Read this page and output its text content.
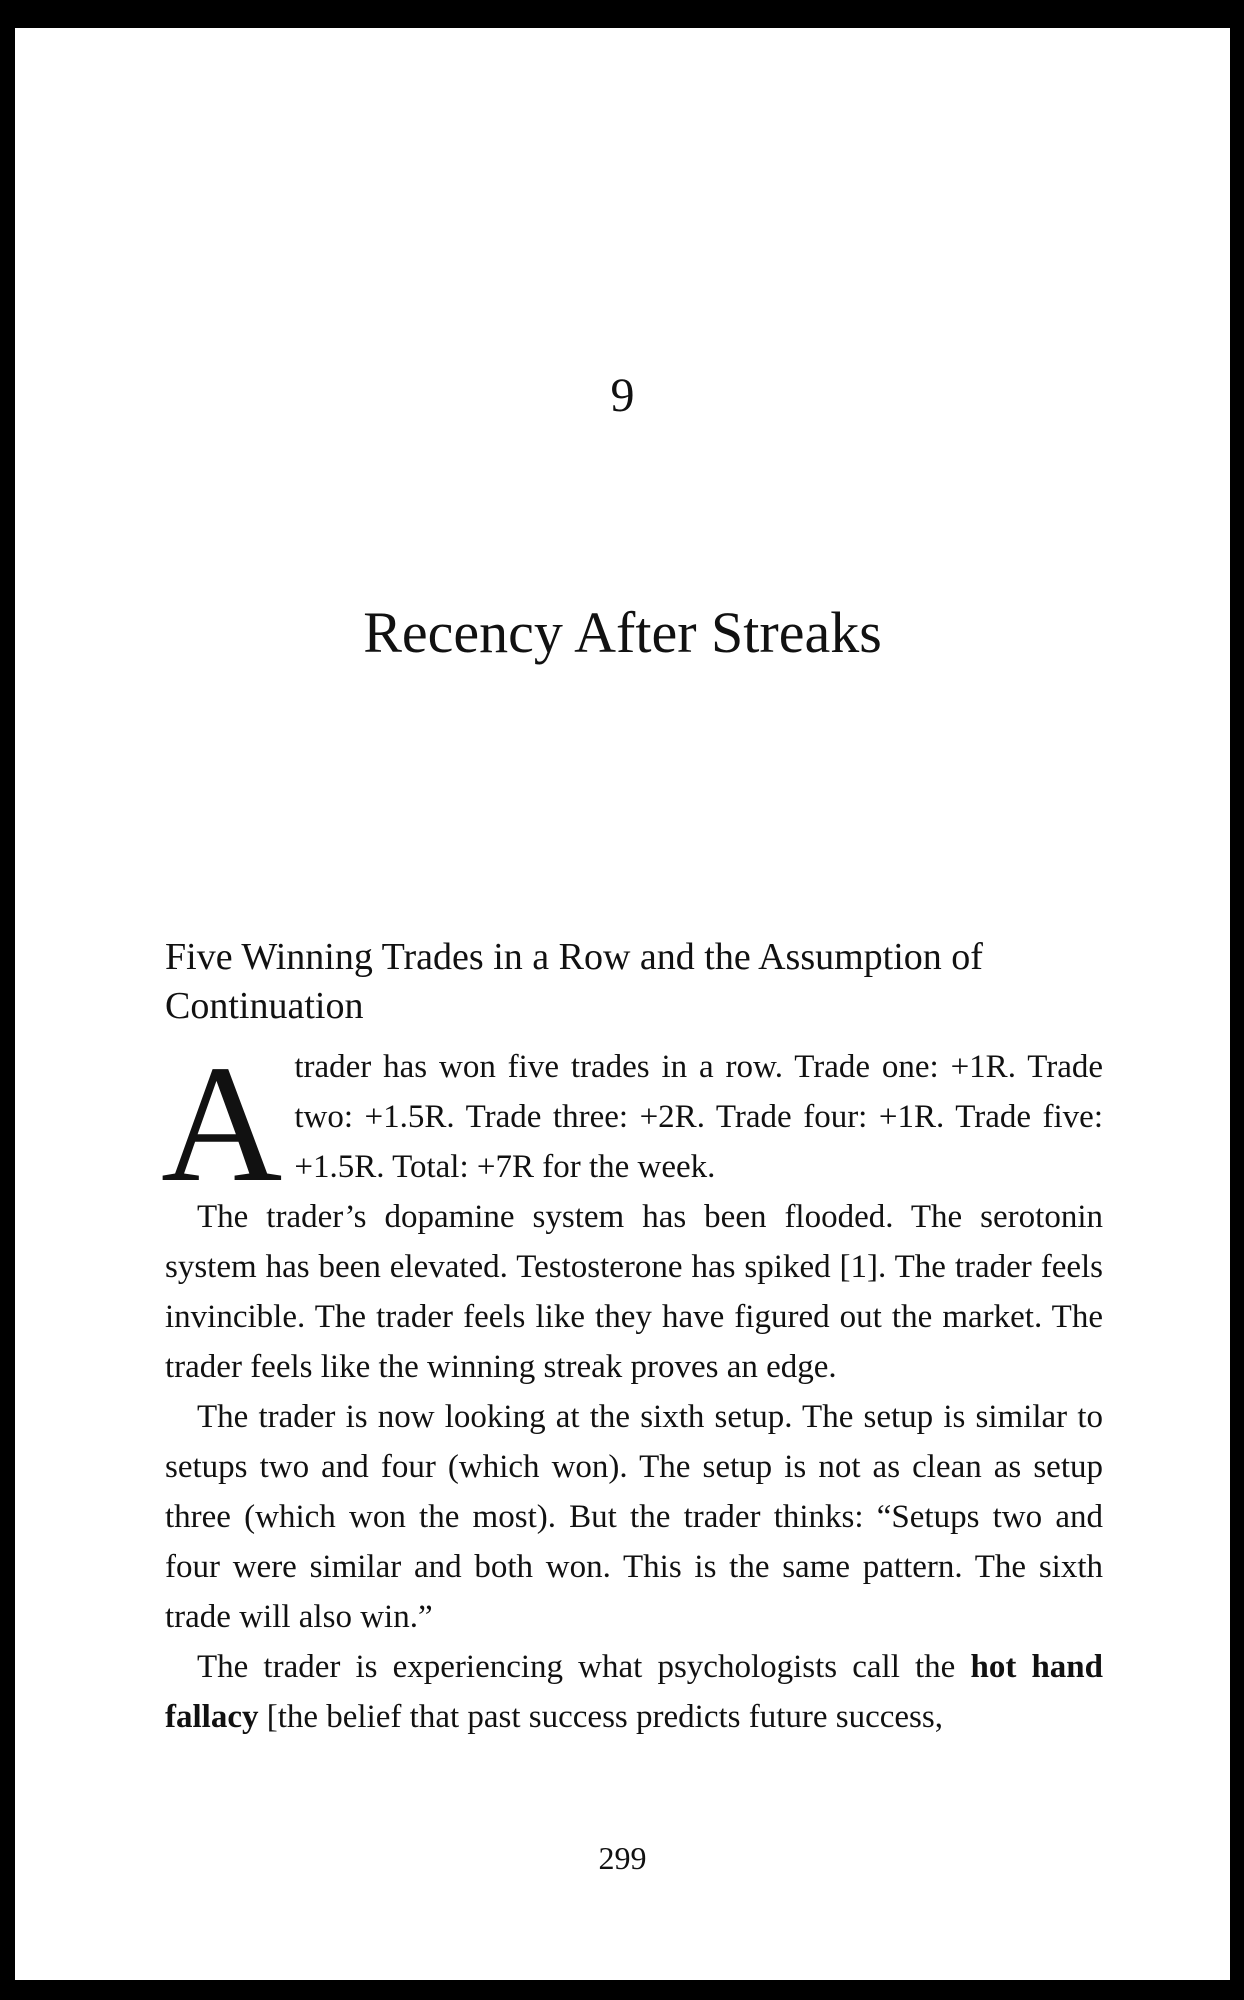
9
Recency After Streaks
Five Winning Trades in a Row and the Assumption of Continuation

Atrader has won five trades in a row. Trade one: +1R. Trade two: +1.5R. Trade three: +2R. Trade four: +1R. Trade five: +1.5R. Total: +7R for the week.

The trader’s dopamine system has been flooded. The serotonin system has been elevated. Testosterone has spiked [1]. The trader feels invincible. The trader feels like they have figured out the market. The trader feels like the winning streak proves an edge.

The trader is now looking at the sixth setup. The setup is similar to setups two and four (which won). The setup is not as clean as setup three (which won the most). But the trader thinks: “Setups two and four were similar and both won. This is the same pattern. The sixth trade will also win.”

The trader is experiencing what psychologists call the hot hand fallacy [the belief that past success predicts future success,

299
